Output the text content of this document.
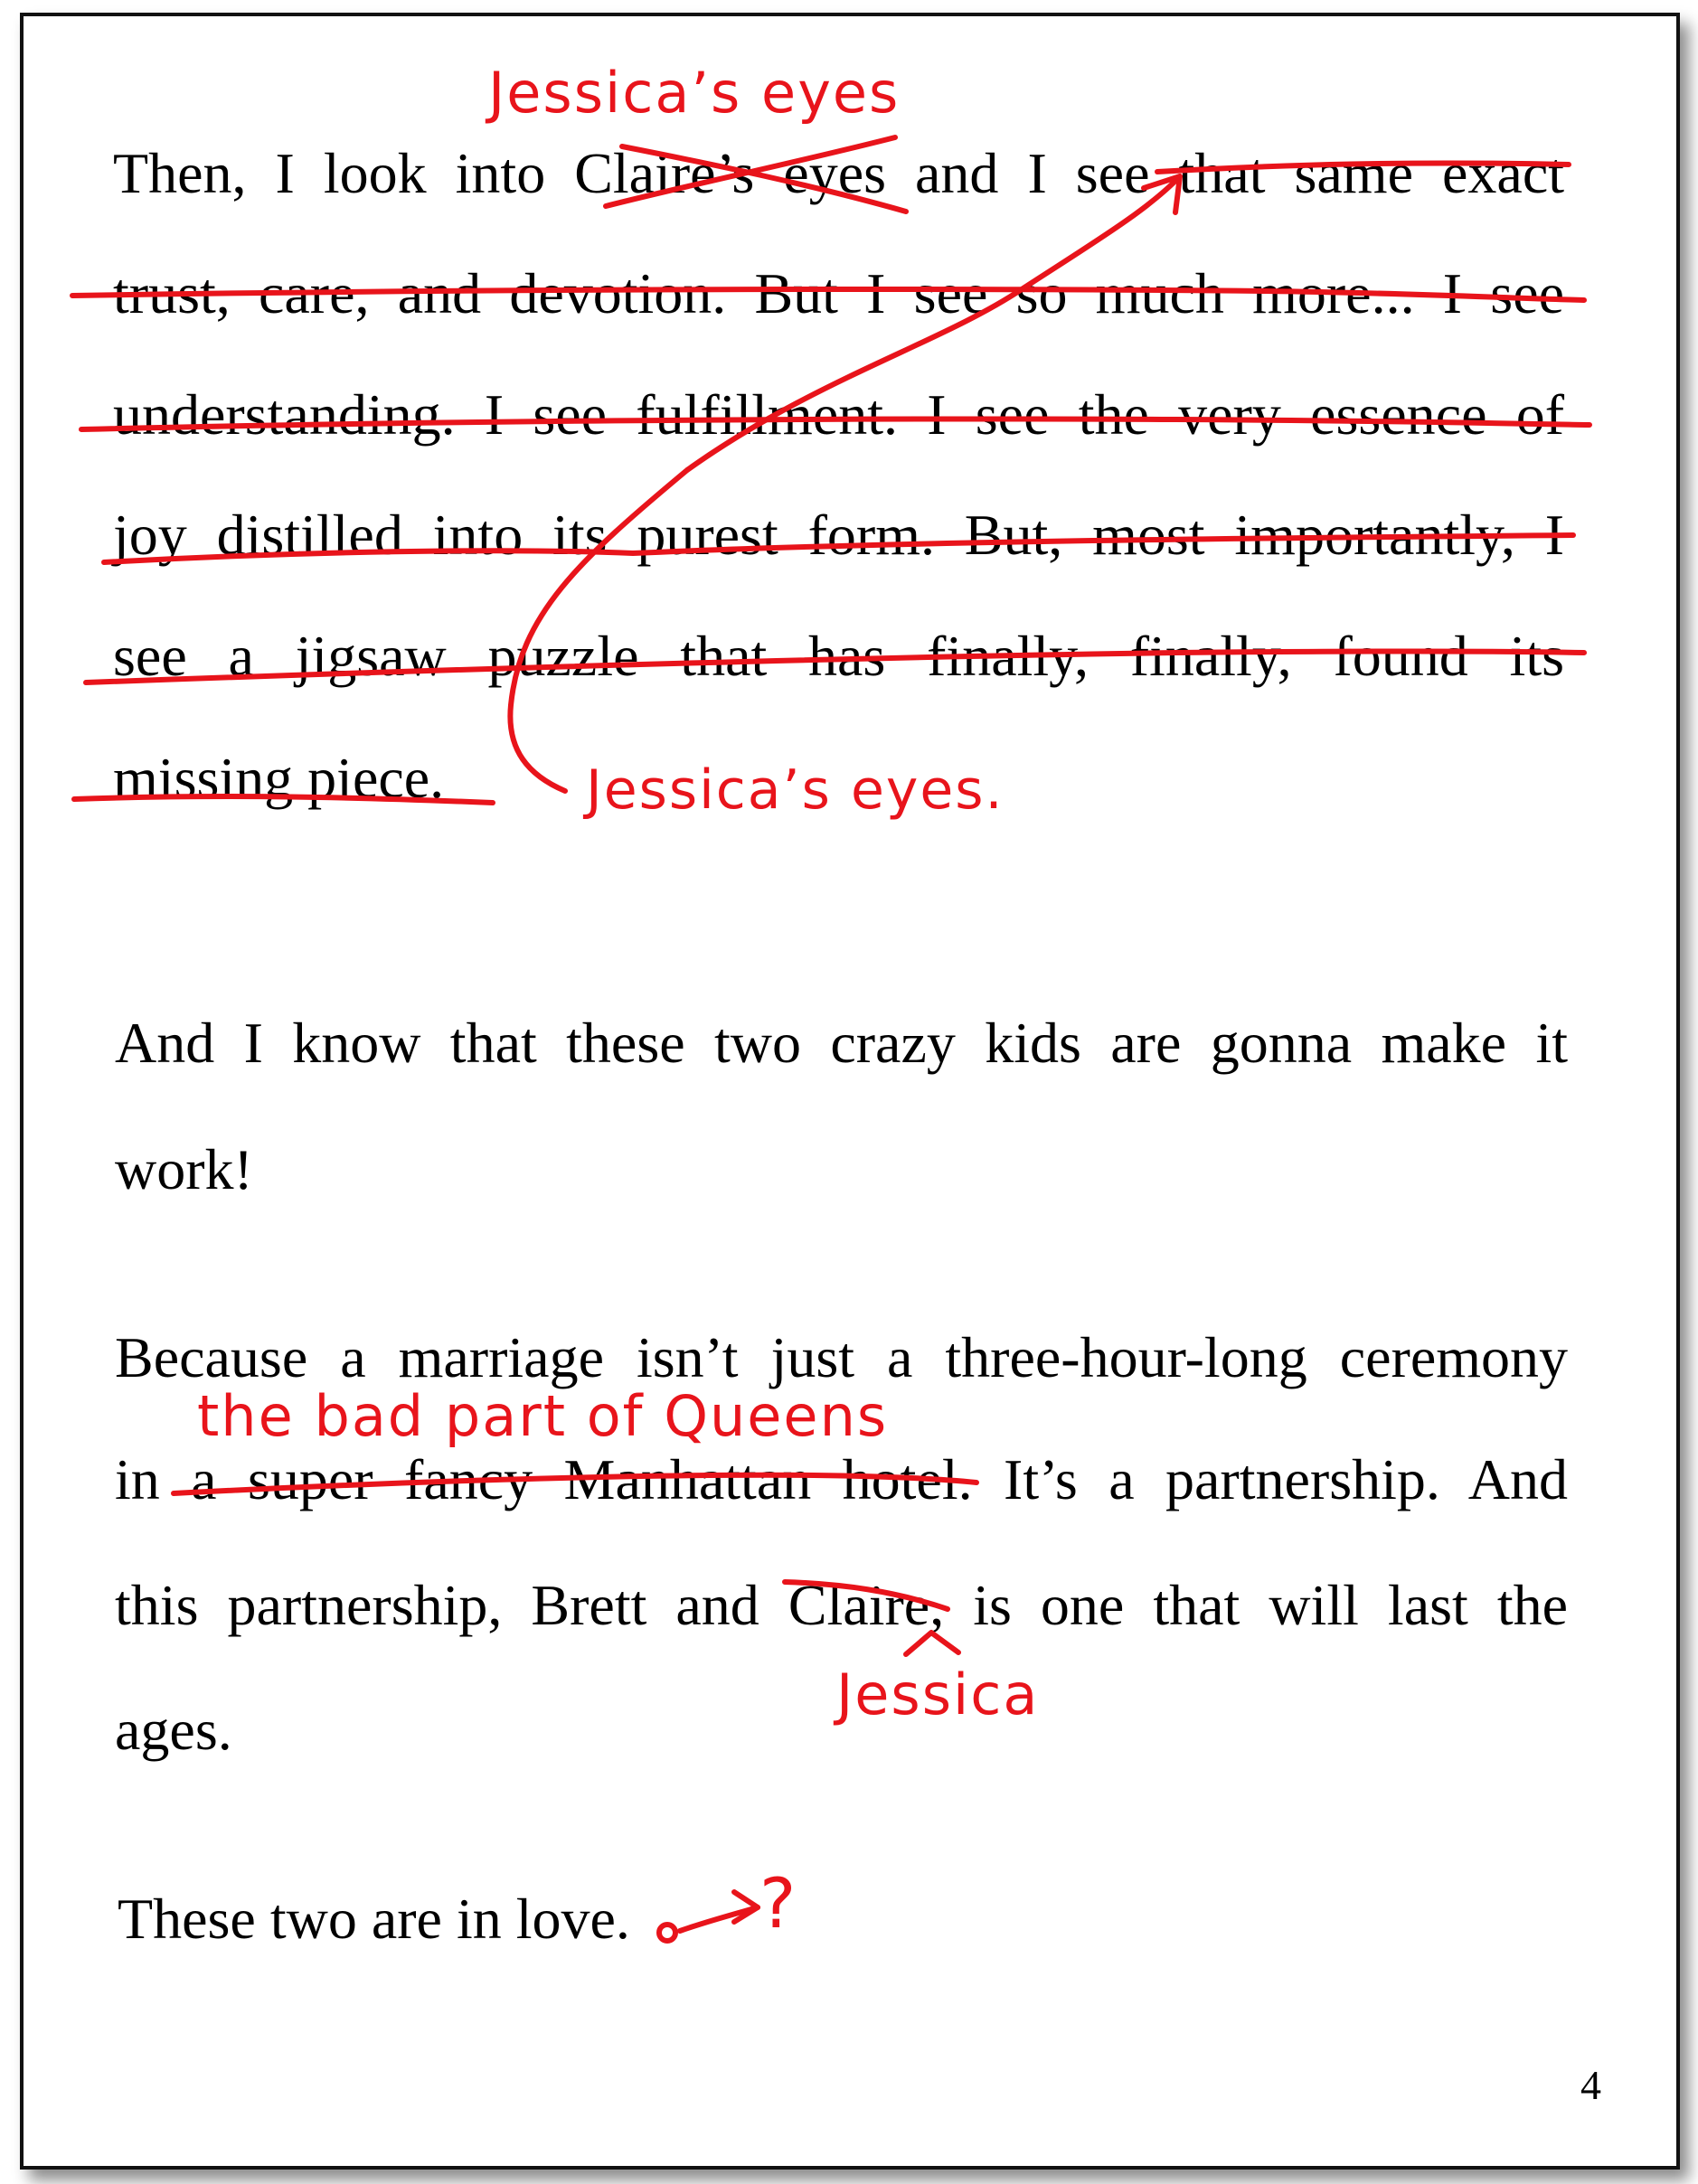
Then, I look into Claire’s eyes and I see that same exact
trust, care, and devotion. But I see so much more... I see
understanding. I see fulfillment. I see the very essence of
joy distilled into its purest form. But, most importantly, I
see a jigsaw puzzle that has finally, finally, found its
missing piece.
And I know that these two crazy kids are gonna make it
work!
Because a marriage isn’t just a three-hour-long ceremony
in a super fancy Manhattan hotel. It’s a partnership. And
this partnership, Brett and Claire, is one that will last the
ages.
These two are in love.
4
Jessica’s eyes
Jessica’s eyes.
the bad part of Queens
Jessica
?
